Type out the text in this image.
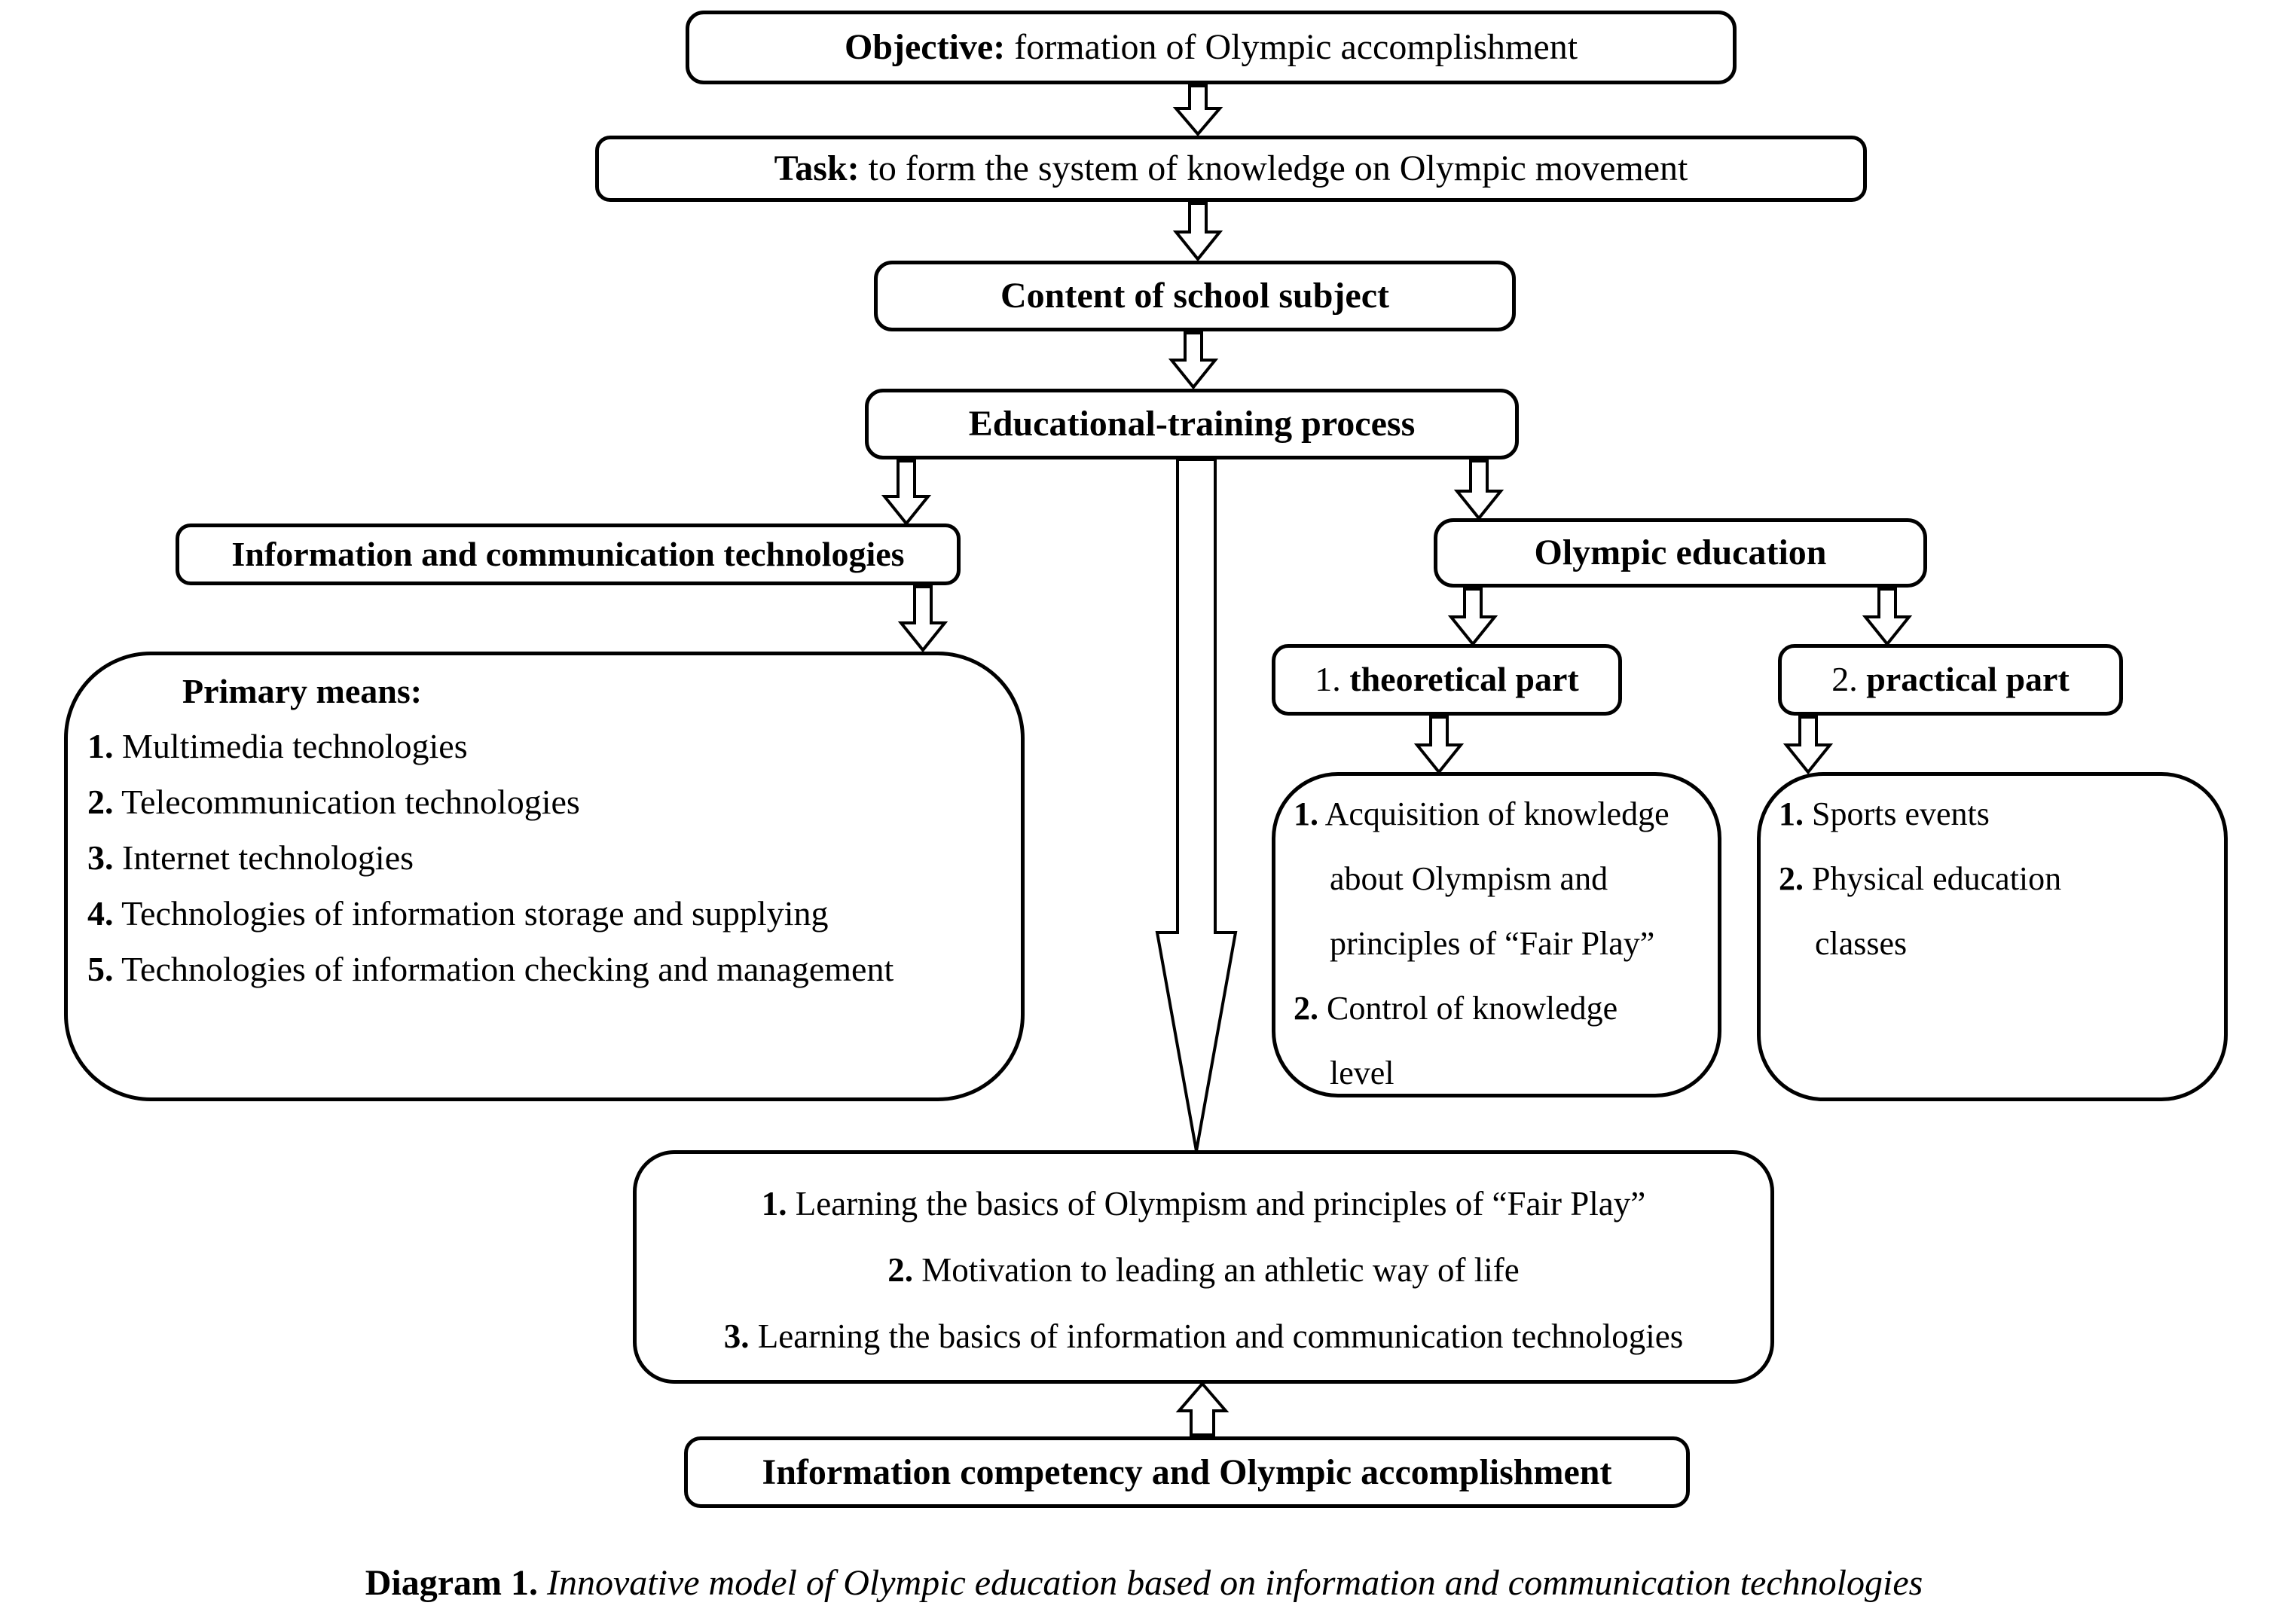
Objective: formation of Olympic accomplishment
Task: to form the system of knowledge on Olympic movement
Content of school subject
Educational-training process
Information and communication technologies
Primary means:
1. Multimedia technologies
2. Telecommunication technologies
3. Internet technologies
4. Technologies of information storage and supplying
5. Technologies of information checking and management
Olympic education
1. theoretical part	2. practical part
1. Acquisition of knowledge
about Olympism and
principles of “Fair Play”
2. Control of knowledge
level
1. Sports events
2. Physical education
classes
1. Learning the basics of Olympism and principles of “Fair Play”
2. Motivation to leading an athletic way of life
3. Learning the basics of information and communication technologies
Information competency and Olympic accomplishment
Diagram 1. Innovative model of Olympic education based on information and communication technologies
